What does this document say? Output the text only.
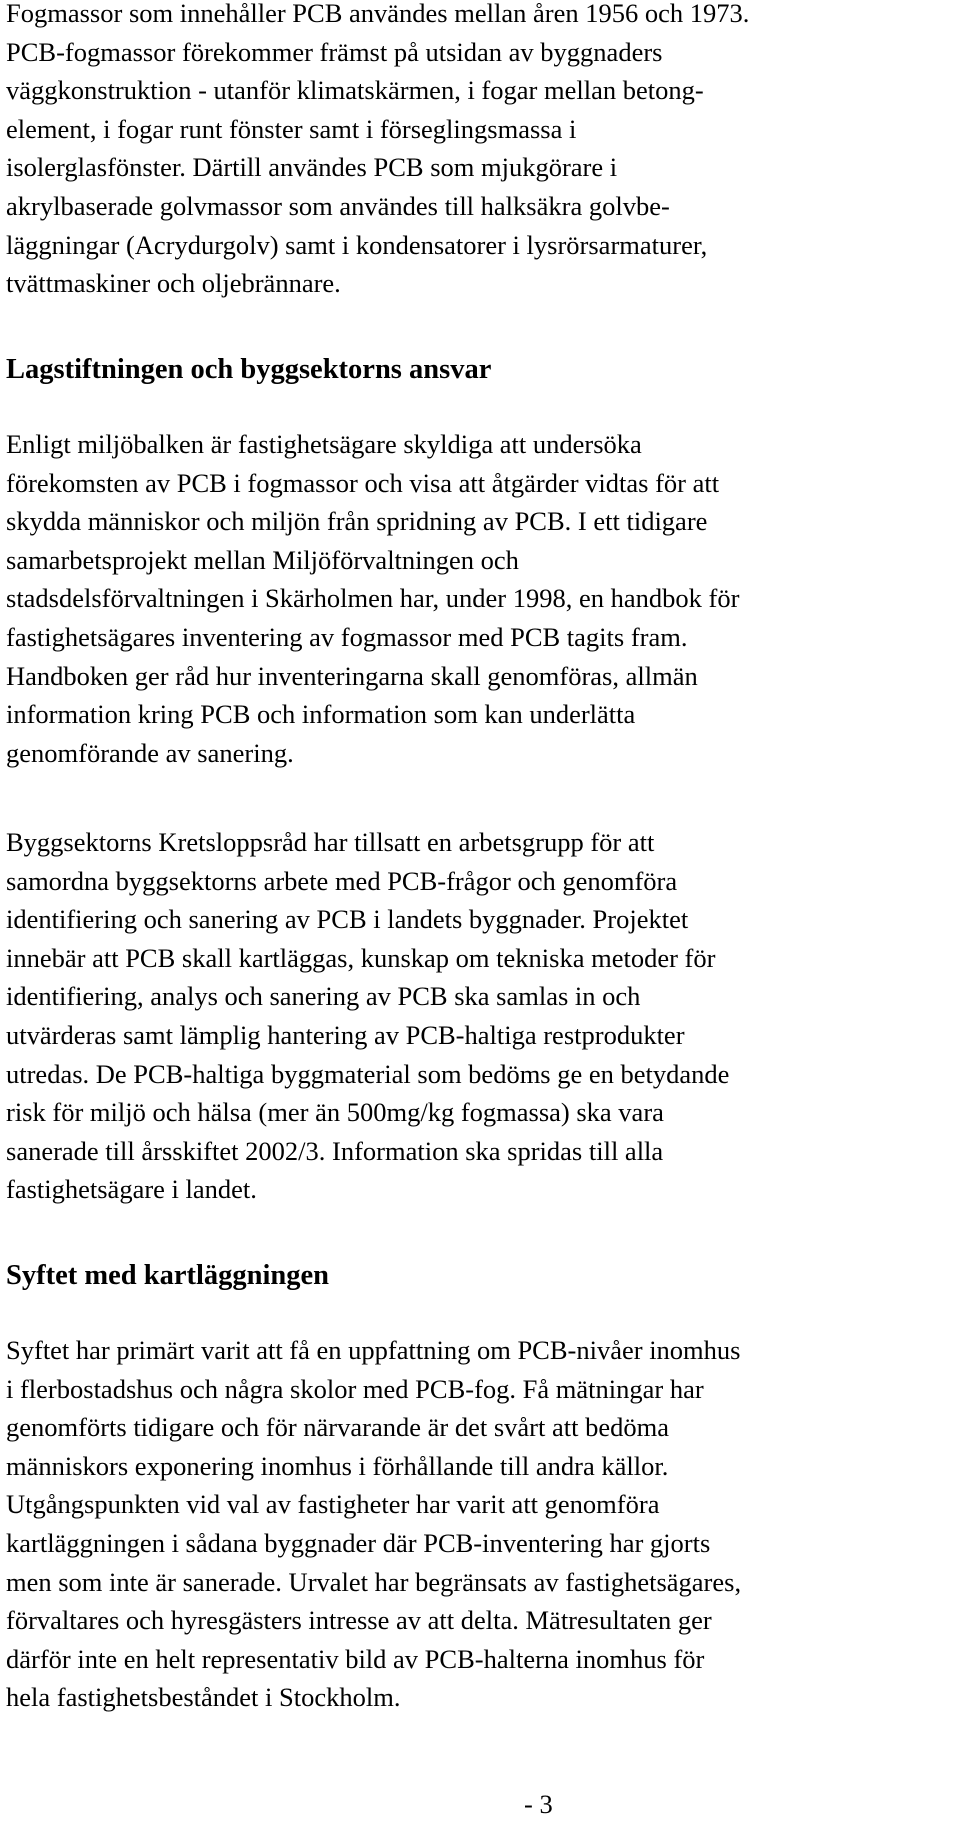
Fogmassor som innehåller PCB användes mellan åren 1956 och 1973.
PCB-fogmassor förekommer främst på utsidan av byggnaders
väggkonstruktion - utanför klimatskärmen, i fogar mellan betong-
element, i fogar runt fönster samt i förseglingsmassa i
isolerglasfönster. Därtill användes PCB som mjukgörare i
akrylbaserade golvmassor som användes till halksäkra golvbe-
läggningar (Acrydurgolv) samt i kondensatorer i lysrörsarmaturer,
tvättmaskiner och oljebrännare.
Lagstiftningen och byggsektorns ansvar
Enligt miljöbalken är fastighetsägare skyldiga att undersöka
förekomsten av PCB i fogmassor och visa att åtgärder vidtas för att
skydda människor och miljön från spridning av PCB. I ett tidigare
samarbetsprojekt mellan Miljöförvaltningen och
stadsdelsförvaltningen i Skärholmen har, under 1998, en handbok för
fastighetsägares inventering av fogmassor med PCB tagits fram.
Handboken ger råd hur inventeringarna skall genomföras, allmän
information kring PCB och information som kan underlätta
genomförande av sanering.
Byggsektorns Kretsloppsråd har tillsatt en arbetsgrupp för att
samordna byggsektorns arbete med PCB-frågor och genomföra
identifiering och sanering av PCB i landets byggnader. Projektet
innebär att PCB skall kartläggas, kunskap om tekniska metoder för
identifiering, analys och sanering av PCB ska samlas in och
utvärderas samt lämplig hantering av PCB-haltiga restprodukter
utredas. De PCB-haltiga byggmaterial som bedöms ge en betydande
risk för miljö och hälsa (mer än 500mg/kg fogmassa) ska vara
sanerade till årsskiftet 2002/3. Information ska spridas till alla
fastighetsägare i landet.
Syftet med kartläggningen
Syftet har primärt varit att få en uppfattning om PCB-nivåer inomhus
i flerbostadshus och några skolor med PCB-fog. Få mätningar har
genomförts tidigare och för närvarande är det svårt att bedöma
människors exponering inomhus i förhållande till andra källor.
Utgångspunkten vid val av fastigheter har varit att genomföra
kartläggningen i sådana byggnader där PCB-inventering har gjorts
men som inte är sanerade. Urvalet har begränsats av fastighetsägares,
förvaltares och hyresgästers intresse av att delta. Mätresultaten ger
därför inte en helt representativ bild av PCB-halterna inomhus för
hela fastighetsbeståndet i Stockholm.
- 3
